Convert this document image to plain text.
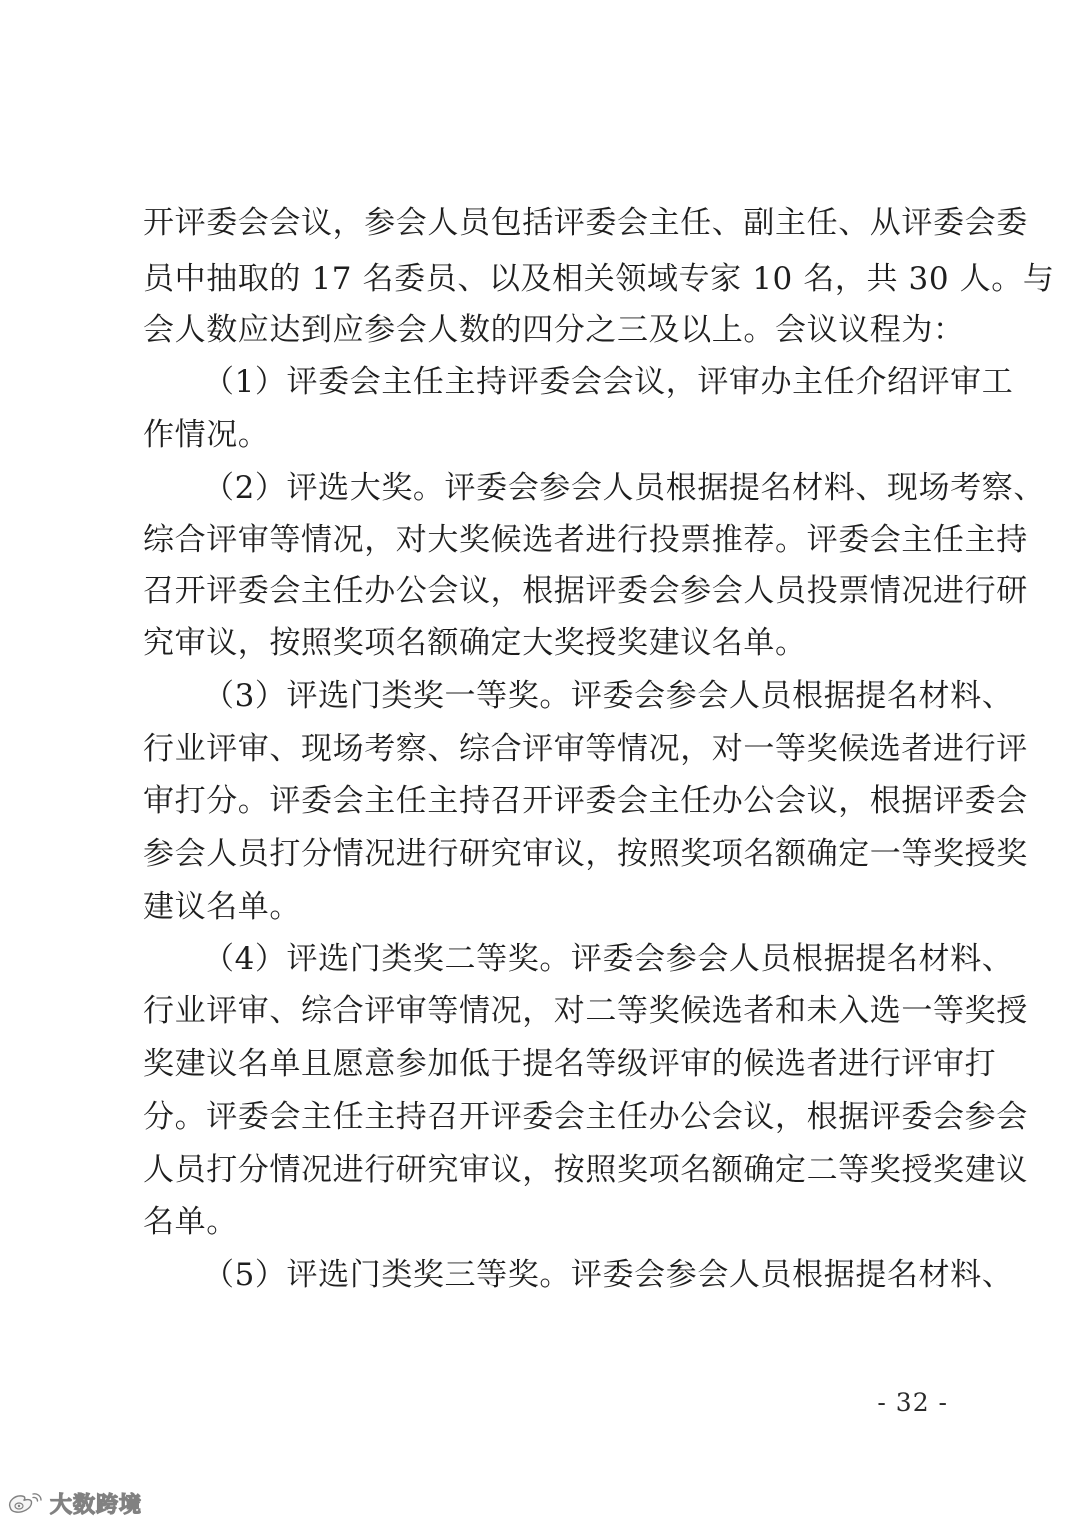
开评委会会议，参会人员包括评委会主任、副主任、从评委会委
员中抽取的 17 名委员、以及相关领域专家 10 名，共 30 人。与
会人数应达到应参会人数的四分之三及以上。会议议程为：
（1）评委会主任主持评委会会议，评审办主任介绍评审工
作情况。
（2）评选大奖。评委会参会人员根据提名材料、现场考察、
综合评审等情况，对大奖候选者进行投票推荐。评委会主任主持
召开评委会主任办公会议，根据评委会参会人员投票情况进行研
究审议，按照奖项名额确定大奖授奖建议名单。
（3）评选门类奖一等奖。评委会参会人员根据提名材料、
行业评审、现场考察、综合评审等情况，对一等奖候选者进行评
审打分。评委会主任主持召开评委会主任办公会议，根据评委会
参会人员打分情况进行研究审议，按照奖项名额确定一等奖授奖
建议名单。
（4）评选门类奖二等奖。评委会参会人员根据提名材料、
行业评审、综合评审等情况，对二等奖候选者和未入选一等奖授
奖建议名单且愿意参加低于提名等级评审的候选者进行评审打
分。评委会主任主持召开评委会主任办公会议，根据评委会参会
人员打分情况进行研究审议，按照奖项名额确定二等奖授奖建议
名单。
（5）评选门类奖三等奖。评委会参会人员根据提名材料、
- 32 -
大数跨境
